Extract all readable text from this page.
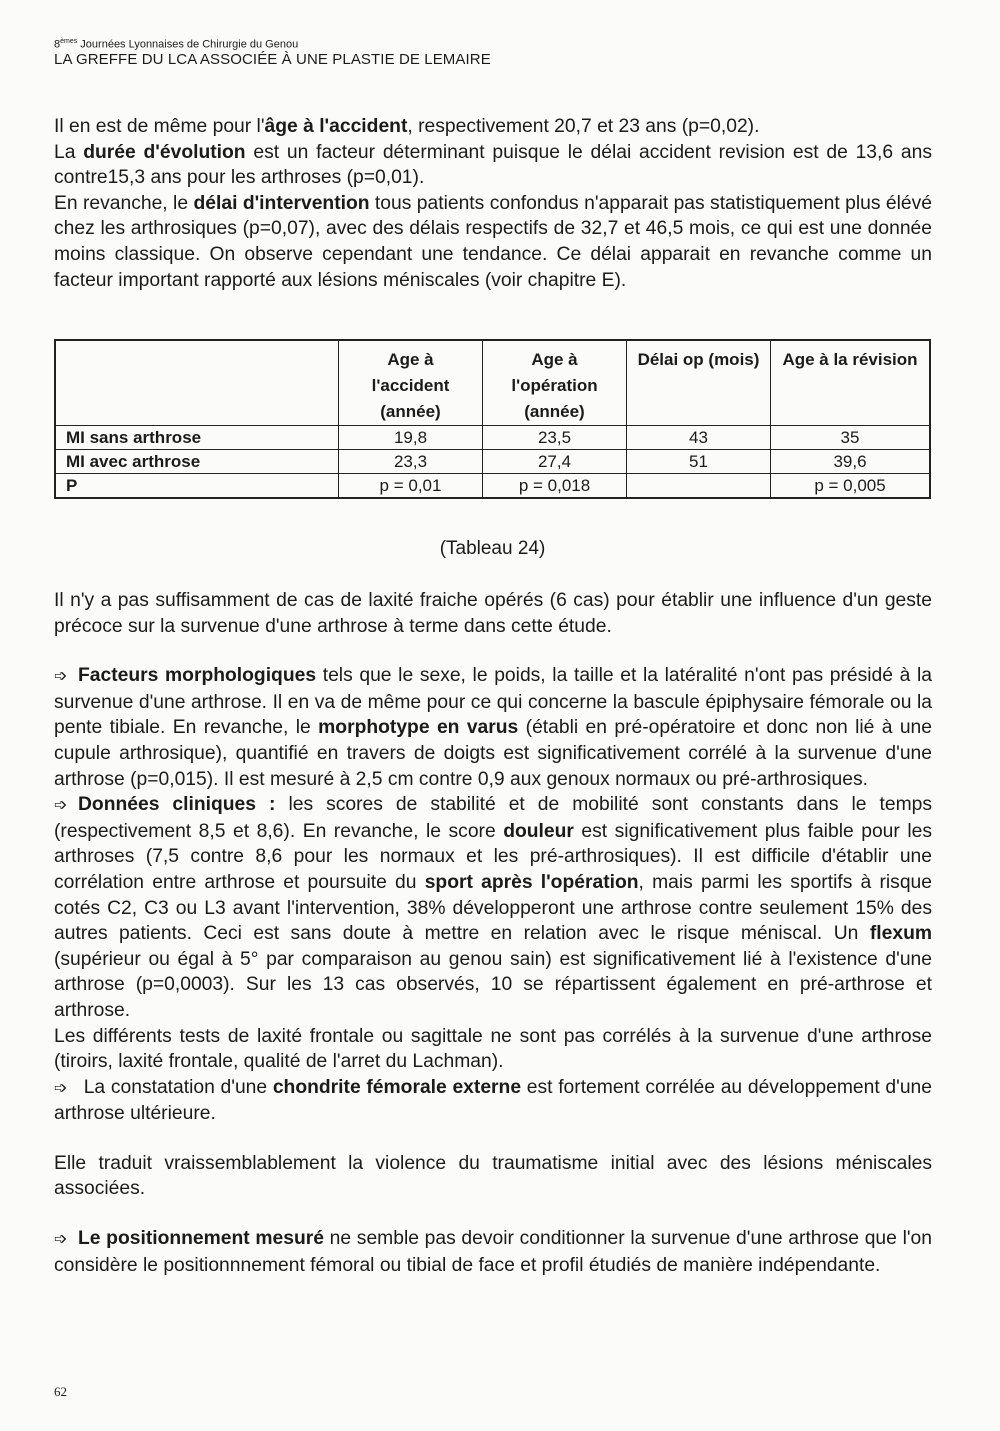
8èmes Journées Lyonnaises de Chirurgie du Genou
LA GREFFE DU LCA ASSOCIÉE À UNE PLASTIE DE LEMAIRE

Il en est de même pour l'âge à l'accident, respectivement 20,7 et 23 ans (p=0,02).

La durée d'évolution est un facteur déterminant puisque le délai accident revision est de 13,6 ans contre15,3 ans pour les arthroses (p=0,01).

En revanche, le délai d'intervention tous patients confondus n'apparait pas statistiquement plus élévé chez les arthrosiques (p=0,07), avec des délais respectifs de 32,7 et 46,5 mois, ce qui est une donnée moins classique. On observe cependant une tendance. Ce délai apparait en revanche comme un facteur important rapporté aux lésions méniscales (voir chapitre E).

	Age à l'accident (année)	Age à l'opération (année)	Délai op (mois)	Age à la révision
MI sans arthrose	19,8	23,5	43	35
MI avec arthrose	23,3	27,4	51	39,6
P	p = 0,01	p = 0,018		p = 0,005
(Tableau 24)

Il n'y a pas suffisamment de cas de laxité fraiche opérés (6 cas) pour établir une influence d'un geste précoce sur la survenue d'une arthrose à terme dans cette étude.

➩ Facteurs morphologiques tels que le sexe, le poids, la taille et la latéralité n'ont pas présidé à la survenue d'une arthrose. Il en va de même pour ce qui concerne la bascule épiphysaire fémorale ou la pente tibiale. En revanche, le morphotype en varus (établi en pré-opératoire et donc non lié à une cupule arthrosique), quantifié en travers de doigts est significativement corrélé à la survenue d'une arthrose (p=0,015). Il est mesuré à 2,5 cm contre 0,9 aux genoux normaux ou pré-arthrosiques.

➩ Données cliniques : les scores de stabilité et de mobilité sont constants dans le temps (respectivement 8,5 et 8,6). En revanche, le score douleur est significativement plus faible pour les arthroses (7,5 contre 8,6 pour les normaux et les pré-arthrosiques). Il est difficile d'établir une corrélation entre arthrose et poursuite du sport après l'opération, mais parmi les sportifs à risque cotés C2, C3 ou L3 avant l'intervention, 38% développeront une arthrose contre seulement 15% des autres patients. Ceci est sans doute à mettre en relation avec le risque méniscal. Un flexum (supérieur ou égal à 5° par comparaison au genou sain) est significativement lié à l'existence d'une arthrose (p=0,0003). Sur les 13 cas observés, 10 se répartissent également en pré-arthrose et arthrose.

Les différents tests de laxité frontale ou sagittale ne sont pas corrélés à la survenue d'une arthrose (tiroirs, laxité frontale, qualité de l'arret du Lachman).

➩ La constatation d'une chondrite fémorale externe est fortement corrélée au développement d'une arthrose ultérieure.

Elle traduit vraissemblablement la violence du traumatisme initial avec des lésions méniscales associées.

➩ Le positionnement mesuré ne semble pas devoir conditionner la survenue d'une arthrose que l'on considère le positionnnement fémoral ou tibial de face et profil étudiés de manière indépendante.

62
